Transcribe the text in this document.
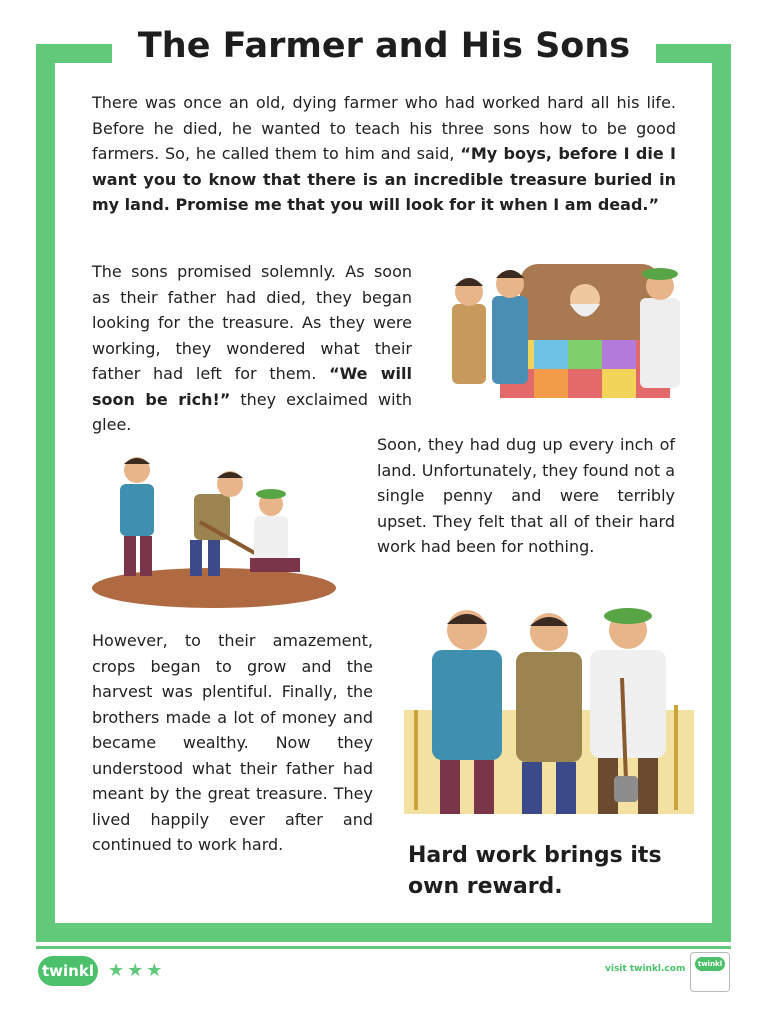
The Farmer and His Sons

There was once an old, dying farmer who had worked hard all his life. Before he died, he wanted to teach his three sons how to be good farmers. So, he called them to him and said, “My boys, before I die I want you to know that there is an incredible treasure buried in my land. Promise me that you will look for it when I am dead.”

The sons promised solemnly. As soon as their father had died, they began looking for the treasure. As they were working, they wondered what their father had left for them. “We will soon be rich!” they exclaimed with glee.

Soon, they had dug up every inch of land. Unfortunately, they found not a single penny and were terribly upset. They felt that all of their hard work had been for nothing.

However, to their amazement, crops began to grow and the harvest was plentiful. Finally, the brothers made a lot of money and became wealthy. Now they understood what their father had meant by the great treasure. They lived happily ever after and continued to work hard.	Hard work brings its own reward.

twinkl ★★★	visit twinkl.com	twinkl
